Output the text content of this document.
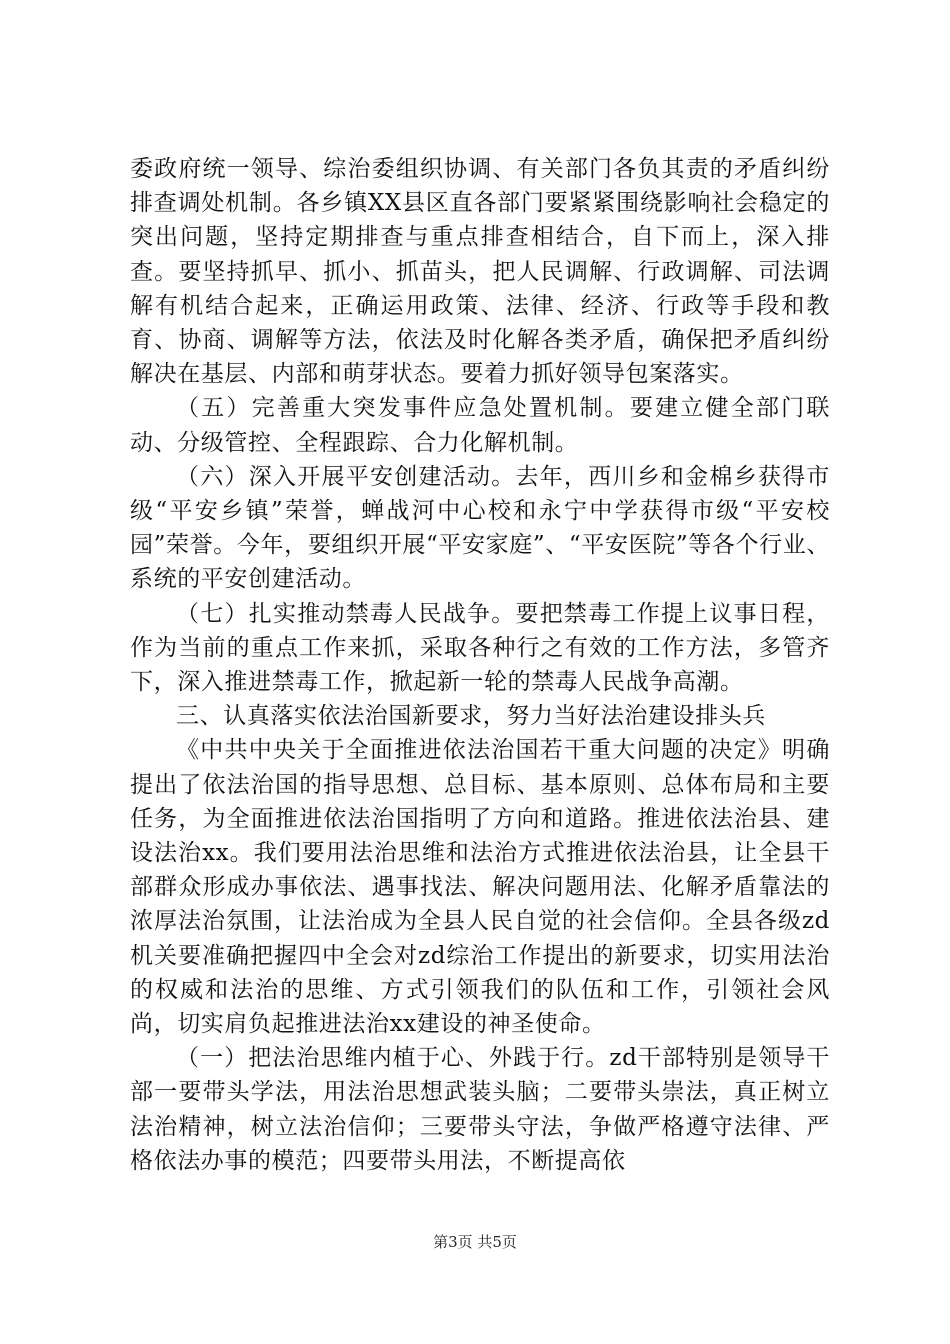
委政府统一领导、综治委组织协调、有关部门各负其责的矛盾纠纷排查调处机制。各乡镇XX县区直各部门要紧紧围绕影响社会稳定的突出问题，坚持定期排查与重点排查相结合，自下而上，深入排查。要坚持抓早、抓小、抓苗头，把人民调解、行政调解、司法调解有机结合起来，正确运用政策、法律、经济、行政等手段和教育、协商、调解等方法，依法及时化解各类矛盾，确保把矛盾纠纷解决在基层、内部和萌芽状态。要着力抓好领导包案落实。

（五）完善重大突发事件应急处置机制。要建立健全部门联动、分级管控、全程跟踪、合力化解机制。

（六）深入开展平安创建活动。去年，西川乡和金棉乡获得市级“平安乡镇”荣誉，蝉战河中心校和永宁中学获得市级“平安校园”荣誉。今年，要组织开展“平安家庭”、“平安医院”等各个行业、系统的平安创建活动。

（七）扎实推动禁毒人民战争。要把禁毒工作提上议事日程，作为当前的重点工作来抓，采取各种行之有效的工作方法，多管齐下，深入推进禁毒工作，掀起新一轮的禁毒人民战争高潮。

三、认真落实依法治国新要求，努力当好法治建设排头兵

《中共中央关于全面推进依法治国若干重大问题的决定》明确提出了依法治国的指导思想、总目标、基本原则、总体布局和主要任务，为全面推进依法治国指明了方向和道路。推进依法治县、建设法治xx。我们要用法治思维和法治方式推进依法治县，让全县干部群众形成办事依法、遇事找法、解决问题用法、化解矛盾靠法的浓厚法治氛围，让法治成为全县人民自觉的社会信仰。全县各级zd机关要准确把握四中全会对zd综治工作提出的新要求，切实用法治的权威和法治的思维、方式引领我们的队伍和工作，引领社会风尚，切实肩负起推进法治xx建设的神圣使命。

（一）把法治思维内植于心、外践于行。zd干部特别是领导干部一要带头学法，用法治思想武装头脑；二要带头崇法，真正树立法治精神，树立法治信仰；三要带头守法，争做严格遵守法律、严格依法办事的模范；四要带头用法，不断提高依

第3页 共5页
